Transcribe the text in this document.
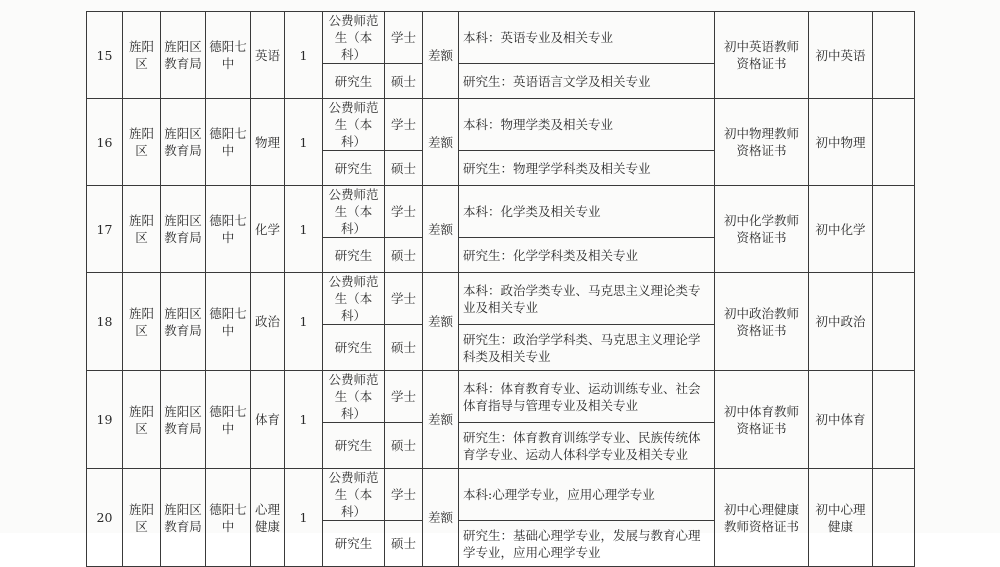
15	旌阳区	旌阳区教育局	德阳七中	英语	1	公费师范生（本科）	学士	差额	本科：英语专业及相关专业	初中英语教师资格证书	初中英语	
						研究生	硕士		研究生：英语语言文学及相关专业			
16	旌阳区	旌阳区教育局	德阳七中	物理	1	公费师范生（本科）	学士	差额	本科：物理学类及相关专业	初中物理教师资格证书	初中物理	
						研究生	硕士		研究生：物理学学科类及相关专业			
17	旌阳区	旌阳区教育局	德阳七中	化学	1	公费师范生（本科）	学士	差额	本科：化学类及相关专业	初中化学教师资格证书	初中化学	
						研究生	硕士		研究生：化学学科类及相关专业			
18	旌阳区	旌阳区教育局	德阳七中	政治	1	公费师范生（本科）	学士	差额	本科：政治学类专业、马克思主义理论类专业及相关专业	初中政治教师资格证书	初中政治	
						研究生	硕士		研究生：政治学学科类、马克思主义理论学科类及相关专业			
19	旌阳区	旌阳区教育局	德阳七中	体育	1	公费师范生（本科）	学士	差额	本科：体育教育专业、运动训练专业、社会体育指导与管理专业及相关专业	初中体育教师资格证书	初中体育	
						研究生	硕士		研究生：体育教育训练学专业、民族传统体育学专业、运动人体科学专业及相关专业			
20	旌阳区	旌阳区教育局	德阳七中	心理健康	1	公费师范生（本科）	学士	差额	本科:心理学专业，应用心理学专业	初中心理健康教师资格证书	初中心理健康	
						研究生	硕士		研究生：基础心理学专业，发展与教育心理学专业，应用心理学专业			
